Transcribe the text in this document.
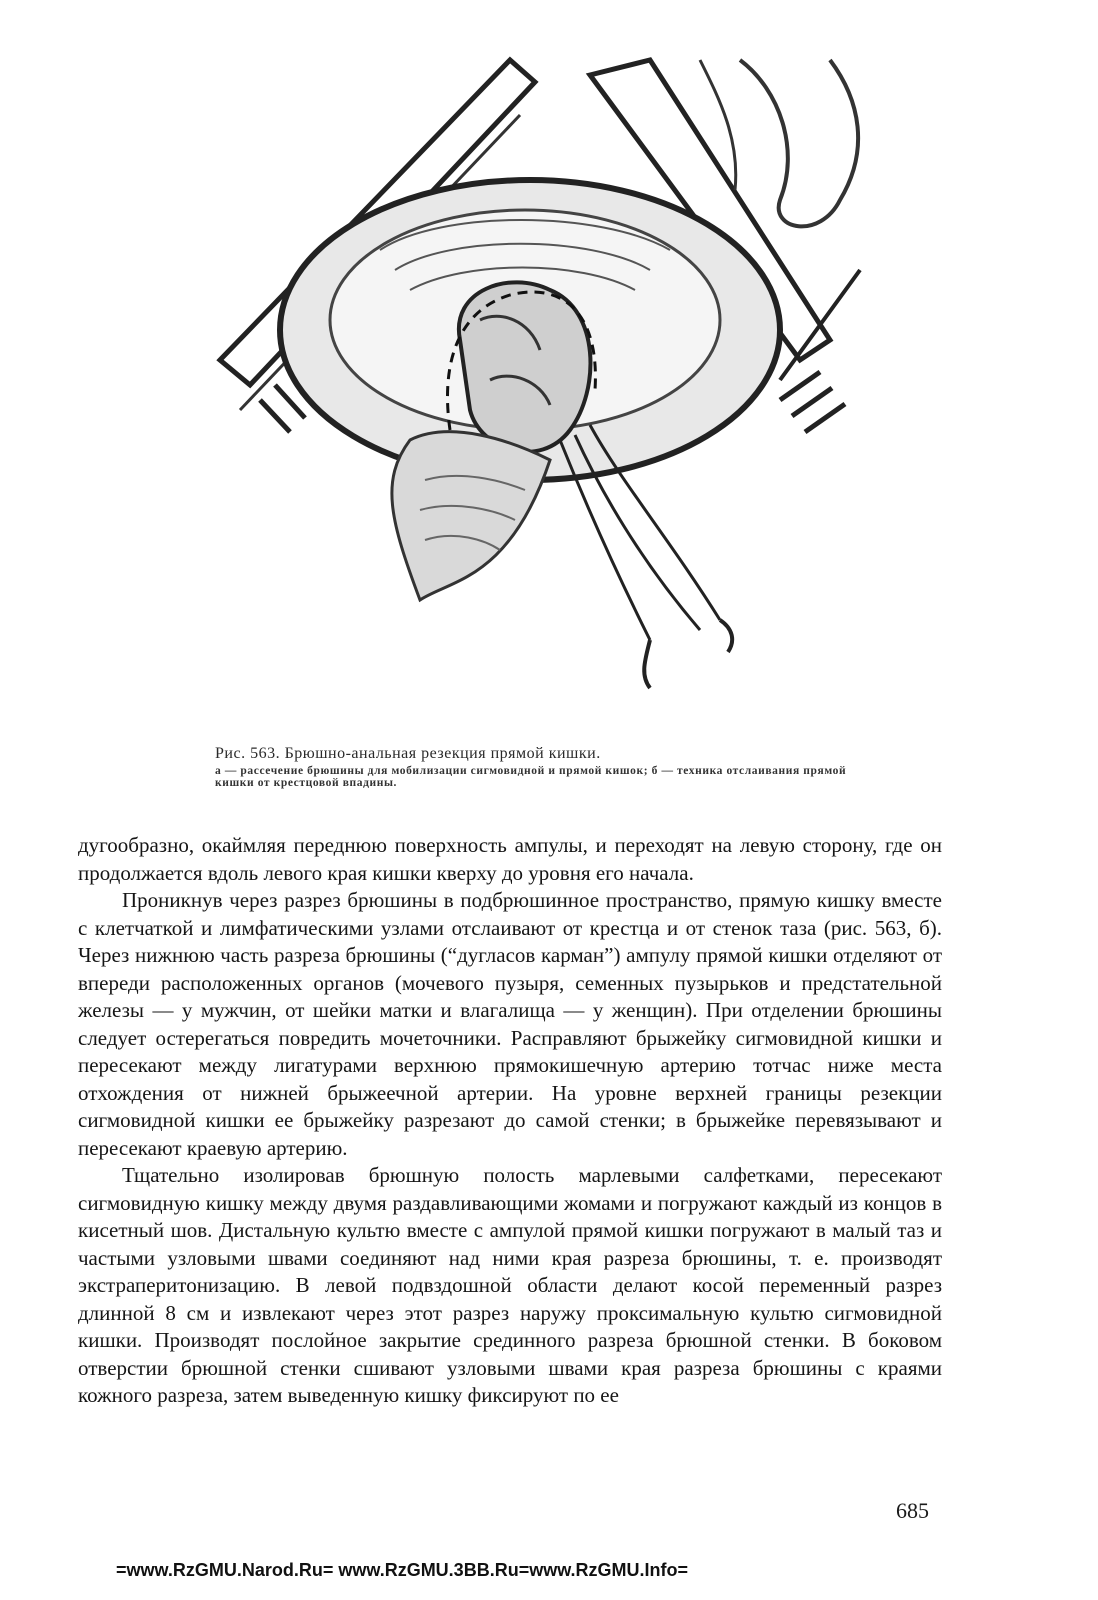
Рис. 563. Брюшно-анальная резекция прямой кишки.
а — рассечение брюшины для мобилизации сигмовидной и прямой кишок; б — техника отслаивания прямой кишки от крестцовой впадины.

дугообразно, окаймляя переднюю поверхность ампулы, и переходят на левую сторону, где он продолжается вдоль левого края кишки кверху до уровня его начала.

Проникнув через разрез брюшины в подбрюшинное пространство, прямую кишку вместе с клетчаткой и лимфатическими узлами отслаивают от крестца и от стенок таза (рис. 563, б). Через нижнюю часть разреза брюшины (“дугласов карман”) ампулу прямой кишки отделяют от впереди расположенных органов (мочевого пузыря, семенных пузырьков и предстательной железы — у мужчин, от шейки матки и влагалища — у женщин). При отделении брюшины следует остерегаться повредить мочеточники. Расправляют брыжейку сигмовидной кишки и пересекают между лигатурами верхнюю прямокишечную артерию тотчас ниже места отхождения от нижней брыжеечной артерии. На уровне верхней границы резекции сигмовидной кишки ее брыжейку разрезают до самой стенки; в брыжейке перевязывают и пересекают краевую артерию.

Тщательно изолировав брюшную полость марлевыми салфетками, пересекают сигмовидную кишку между двумя раздавливающими жомами и погружают каждый из концов в кисетный шов. Дистальную культю вместе с ампулой прямой кишки погружают в малый таз и частыми узловыми швами соединяют над ними края разреза брюшины, т. е. производят экстраперитонизацию. В левой подвздошной области делают косой переменный разрез длинной 8 см и извлекают через этот разрез наружу проксимальную культю сигмовидной кишки. Производят послойное закрытие срединного разреза брюшной стенки. В боковом отверстии брюшной стенки сшивают узловыми швами края разреза брюшины с краями кожного разреза, затем выведенную кишку фиксируют по ее

685
=www.RzGMU.Narod.Ru= www.RzGMU.3BB.Ru=www.RzGMU.Info=
